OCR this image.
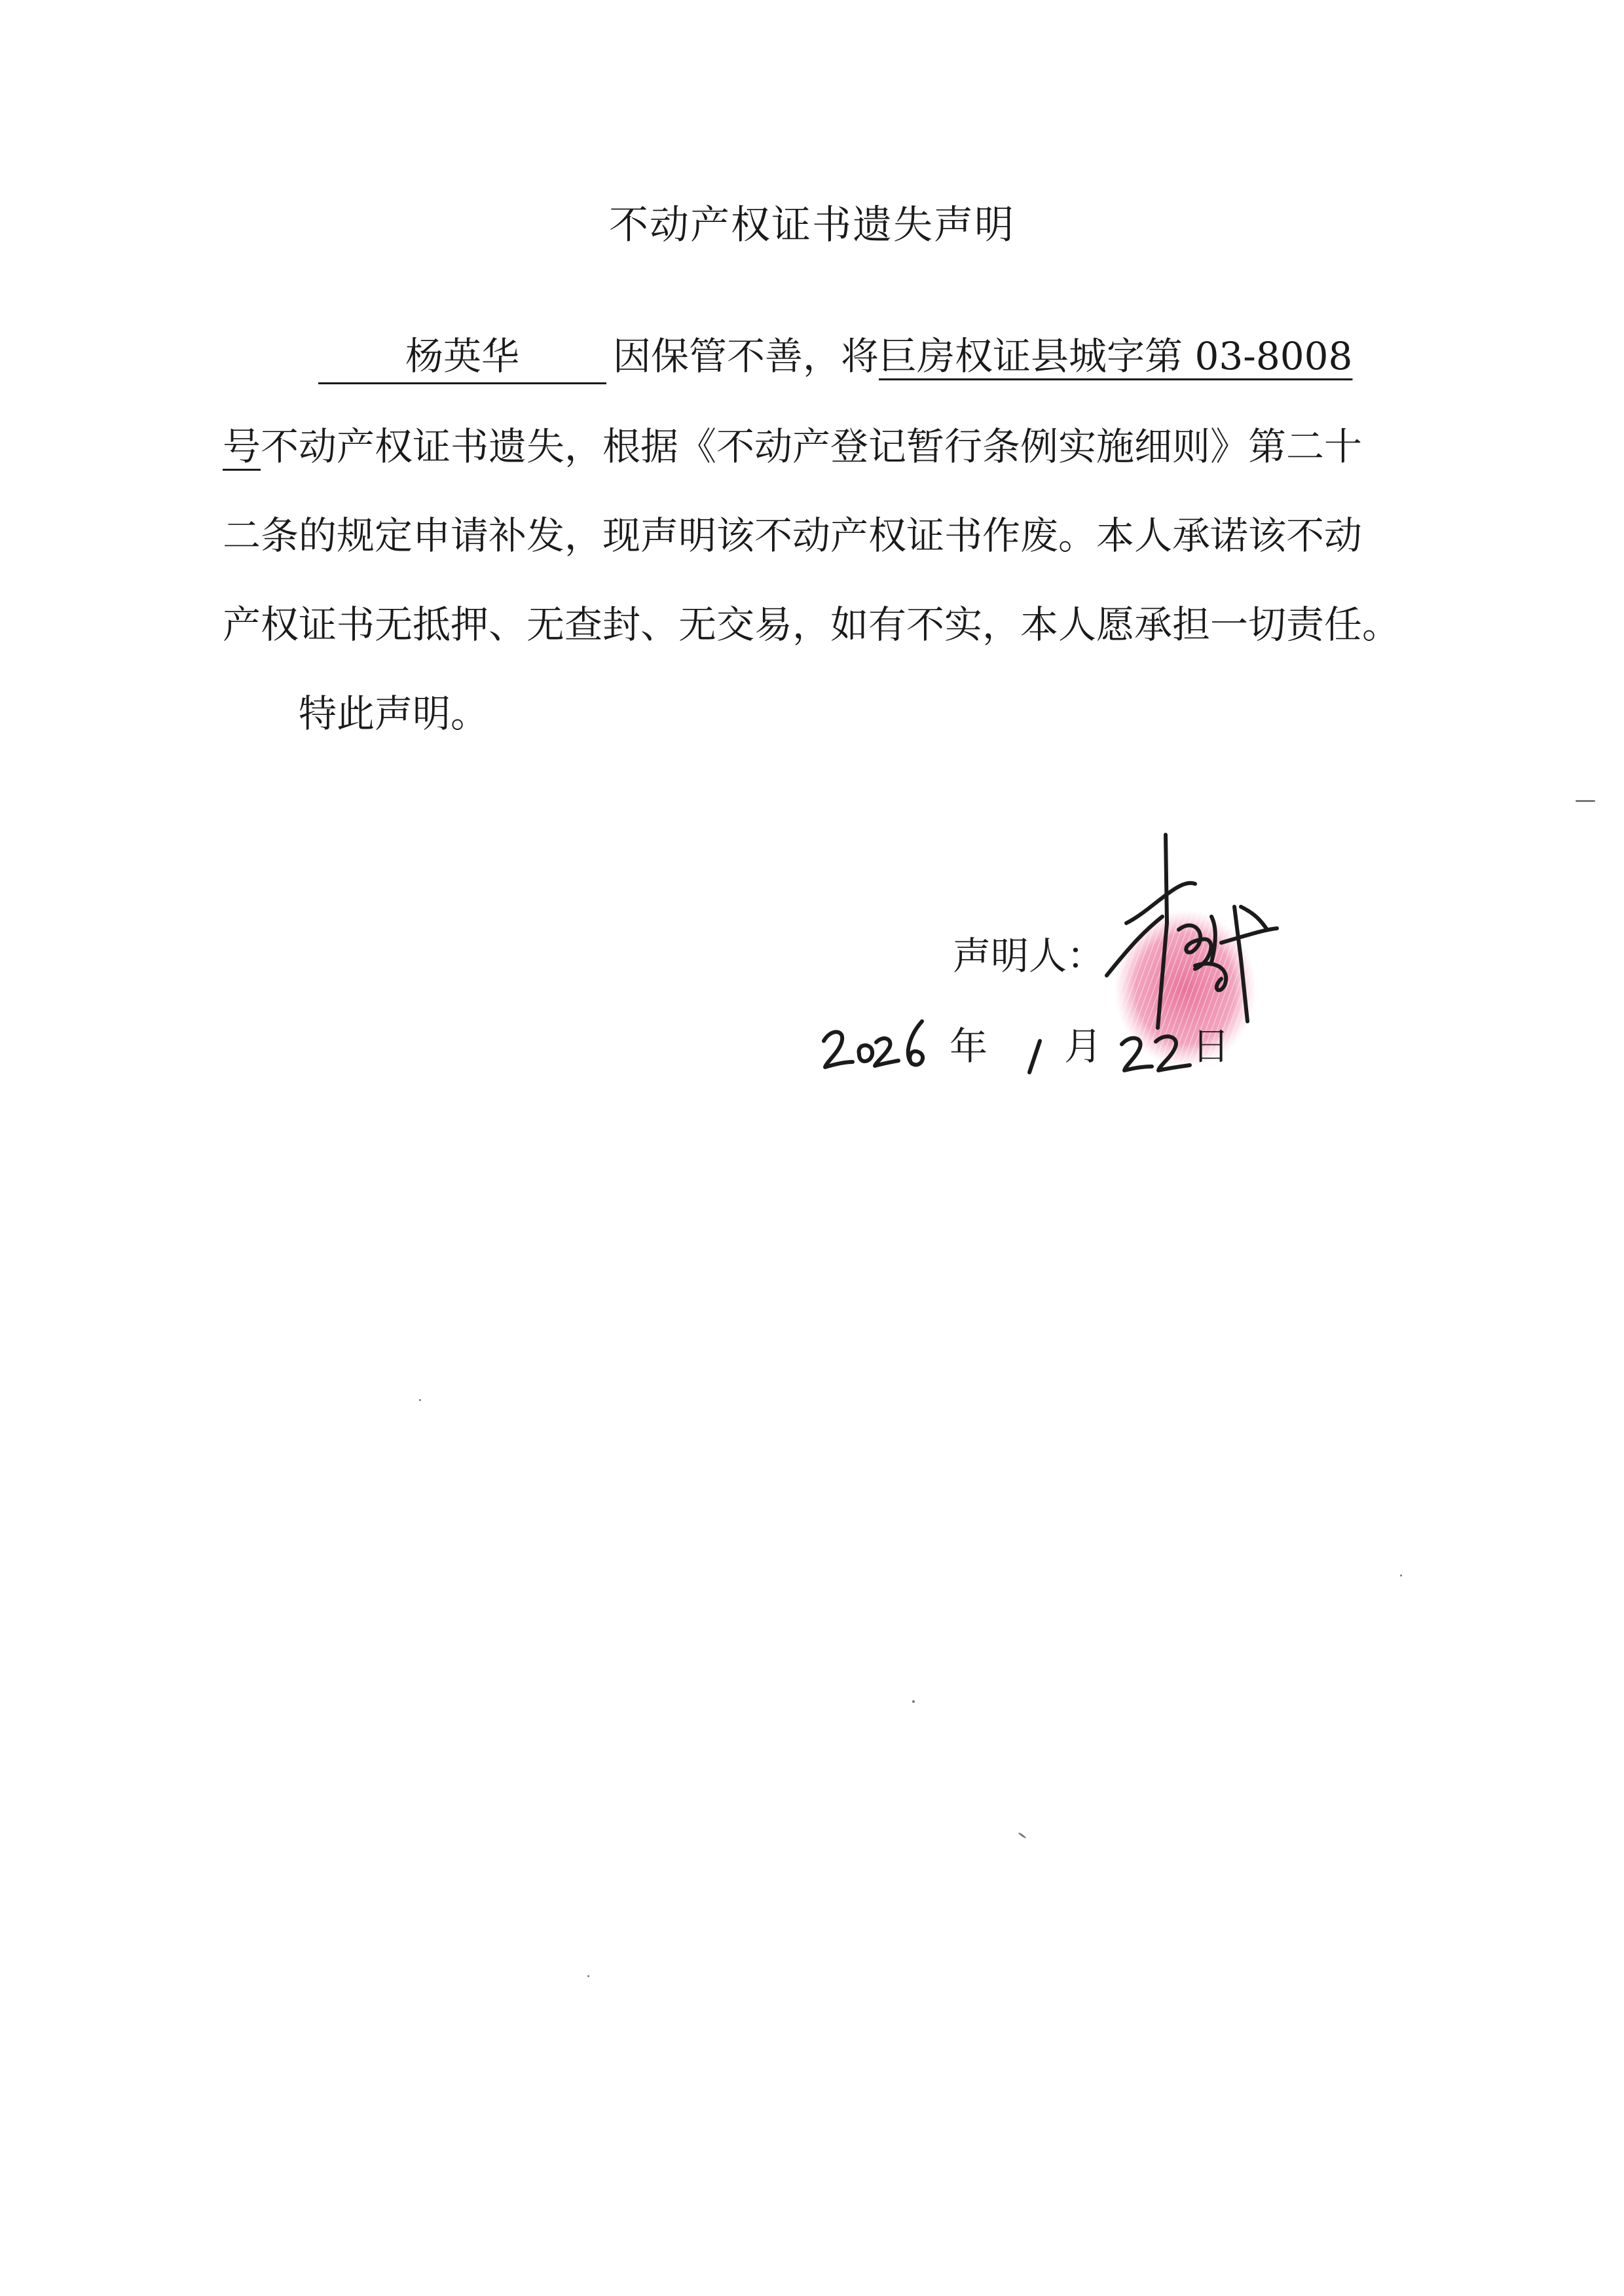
不动产权证书遗失声明
杨英华 因保管不善，将巨房权证县城字第 03-8008
号不动产权证书遗失，根据《不动产登记暂行条例实施细则》第二十
二条的规定申请补发，现声明该不动产权证书作废。本人承诺该不动
产权证书无抵押、无查封、无交易，如有不实，本人愿承担一切责任。
特此声明。
声明人：
年 月 日
